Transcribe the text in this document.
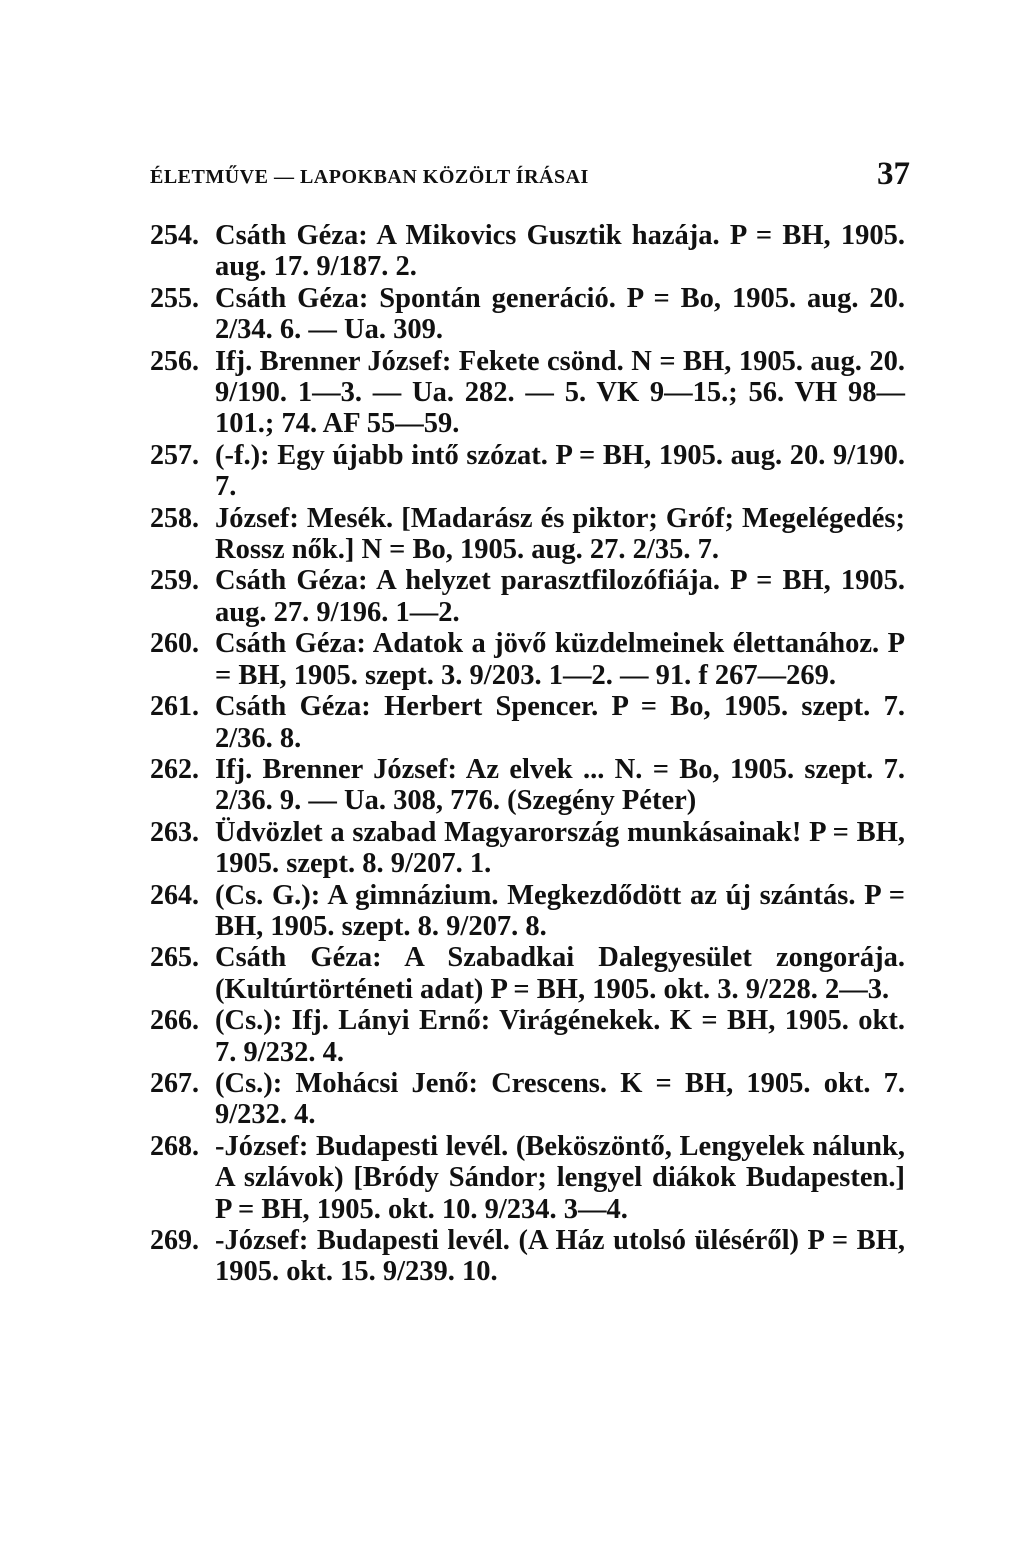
ÉLETMŰVE — LAPOKBAN KÖZÖLT ÍRÁSAI	37
254. Csáth Géza: A Mikovics Gusztik hazája. P = BH, 1905. aug. 17. 9/187. 2.
255. Csáth Géza: Spontán generáció. P = Bo, 1905. aug. 20. 2/34. 6. — Ua. 309.
256. Ifj. Brenner József: Fekete csönd. N = BH, 1905. aug. 20. 9/190. 1—3. — Ua. 282. — 5. VK 9—15.; 56. VH 98—101.; 74. AF 55—59.
257. (-f.): Egy újabb intő szózat. P = BH, 1905. aug. 20. 9/190. 7.
258. József: Mesék. [Madarász és piktor; Gróf; Megelégedés; Rossz nők.] N = Bo, 1905. aug. 27. 2/35. 7.
259. Csáth Géza: A helyzet parasztfilozófiája. P = BH, 1905. aug. 27. 9/196. 1—2.
260. Csáth Géza: Adatok a jövő küzdelmeinek élettanához. P = BH, 1905. szept. 3. 9/203. 1—2. — 91. f 267—269.
261. Csáth Géza: Herbert Spencer. P = Bo, 1905. szept. 7. 2/36. 8.
262. Ifj. Brenner József: Az elvek ... N. = Bo, 1905. szept. 7. 2/36. 9. — Ua. 308, 776. (Szegény Péter)
263. Üdvözlet a szabad Magyarország munkásainak! P = BH, 1905. szept. 8. 9/207. 1.
264. (Cs. G.): A gimnázium. Megkezdődött az új szántás. P = BH, 1905. szept. 8. 9/207. 8.
265. Csáth Géza: A Szabadkai Dalegyesület zongorája. (Kultúrtörténeti adat) P = BH, 1905. okt. 3. 9/228. 2—3.
266. (Cs.): Ifj. Lányi Ernő: Virágénekek. K = BH, 1905. okt. 7. 9/232. 4.
267. (Cs.): Mohácsi Jenő: Crescens. K = BH, 1905. okt. 7. 9/232. 4.
268. -József: Budapesti levél. (Beköszöntő, Lengyelek nálunk, A szlávok) [Bródy Sándor; lengyel diákok Budapesten.] P = BH, 1905. okt. 10. 9/234. 3—4.
269. -József: Budapesti levél. (A Ház utolsó üléséről) P = BH, 1905. okt. 15. 9/239. 10.
